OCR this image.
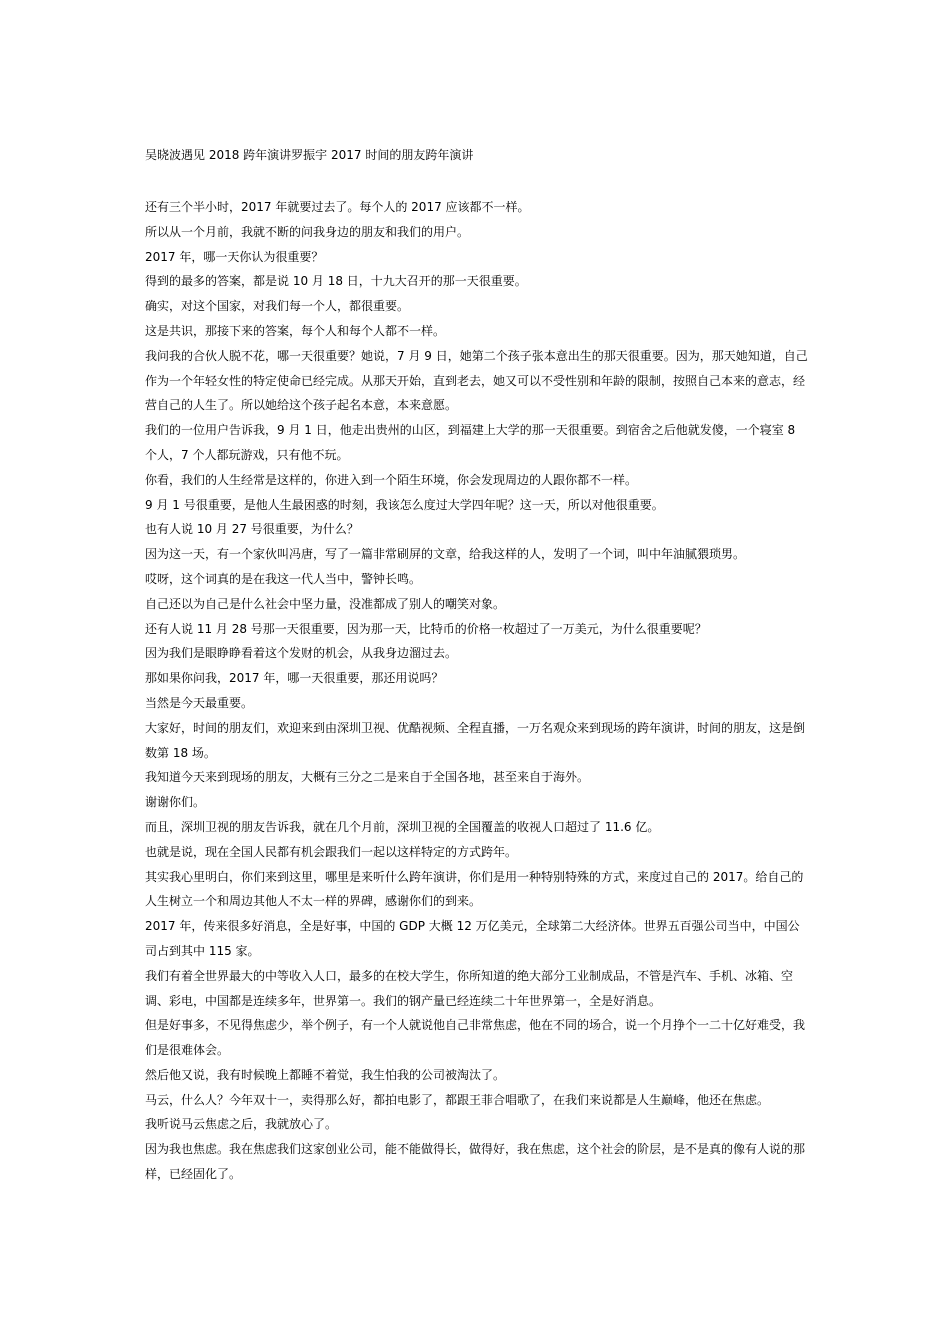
吴晓波遇见 2018 跨年演讲罗振宇 2017 时间的朋友跨年演讲

还有三个半小时，2017 年就要过去了。每个人的 2017 应该都不一样。

所以从一个月前，我就不断的问我身边的朋友和我们的用户。

2017 年，哪一天你认为很重要？

得到的最多的答案，都是说 10 月 18 日，十九大召开的那一天很重要。

确实，对这个国家，对我们每一个人，都很重要。

这是共识，那接下来的答案，每个人和每个人都不一样。

我问我的合伙人脱不花，哪一天很重要？她说，7 月 9 日，她第二个孩子张本意出生的那天很重要。因为，那天她知道，自己作为一个年轻女性的特定使命已经完成。从那天开始，直到老去，她又可以不受性别和年龄的限制，按照自己本来的意志，经营自己的人生了。所以她给这个孩子起名本意，本来意愿。

我们的一位用户告诉我，9 月 1 日，他走出贵州的山区，到福建上大学的那一天很重要。到宿舍之后他就发傻，一个寝室 8 个人，7 个人都玩游戏，只有他不玩。

你看，我们的人生经常是这样的，你进入到一个陌生环境，你会发现周边的人跟你都不一样。

9 月 1 号很重要，是他人生最困惑的时刻，我该怎么度过大学四年呢？这一天，所以对他很重要。

也有人说 10 月 27 号很重要，为什么？

因为这一天，有一个家伙叫冯唐，写了一篇非常刷屏的文章，给我这样的人，发明了一个词，叫中年油腻猥琐男。

哎呀，这个词真的是在我这一代人当中，警钟长鸣。

自己还以为自己是什么社会中坚力量，没准都成了别人的嘲笑对象。

还有人说 11 月 28 号那一天很重要，因为那一天，比特币的价格一枚超过了一万美元，为什么很重要呢？

因为我们是眼睁睁看着这个发财的机会，从我身边溜过去。

那如果你问我，2017 年，哪一天很重要，那还用说吗？

当然是今天最重要。

大家好，时间的朋友们，欢迎来到由深圳卫视、优酷视频、全程直播，一万名观众来到现场的跨年演讲，时间的朋友，这是倒数第 18 场。

我知道今天来到现场的朋友，大概有三分之二是来自于全国各地，甚至来自于海外。

谢谢你们。

而且，深圳卫视的朋友告诉我，就在几个月前，深圳卫视的全国覆盖的收视人口超过了 11.6 亿。

也就是说，现在全国人民都有机会跟我们一起以这样特定的方式跨年。

其实我心里明白，你们来到这里，哪里是来听什么跨年演讲，你们是用一种特别特殊的方式，来度过自己的 2017。给自己的人生树立一个和周边其他人不太一样的界碑，感谢你们的到来。

2017 年，传来很多好消息，全是好事，中国的 GDP 大概 12 万亿美元，全球第二大经济体。世界五百强公司当中，中国公司占到其中 115 家。

我们有着全世界最大的中等收入人口，最多的在校大学生，你所知道的绝大部分工业制成品，不管是汽车、手机、冰箱、空调、彩电，中国都是连续多年，世界第一。我们的钢产量已经连续二十年世界第一，全是好消息。

但是好事多，不见得焦虑少，举个例子，有一个人就说他自己非常焦虑，他在不同的场合，说一个月挣个一二十亿好难受，我们是很难体会。

然后他又说，我有时候晚上都睡不着觉，我生怕我的公司被淘汰了。

马云，什么人？今年双十一，卖得那么好，都拍电影了，都跟王菲合唱歌了，在我们来说都是人生巅峰，他还在焦虑。

我听说马云焦虑之后，我就放心了。

因为我也焦虑。我在焦虑我们这家创业公司，能不能做得长，做得好，我在焦虑，这个社会的阶层，是不是真的像有人说的那样，已经固化了。
